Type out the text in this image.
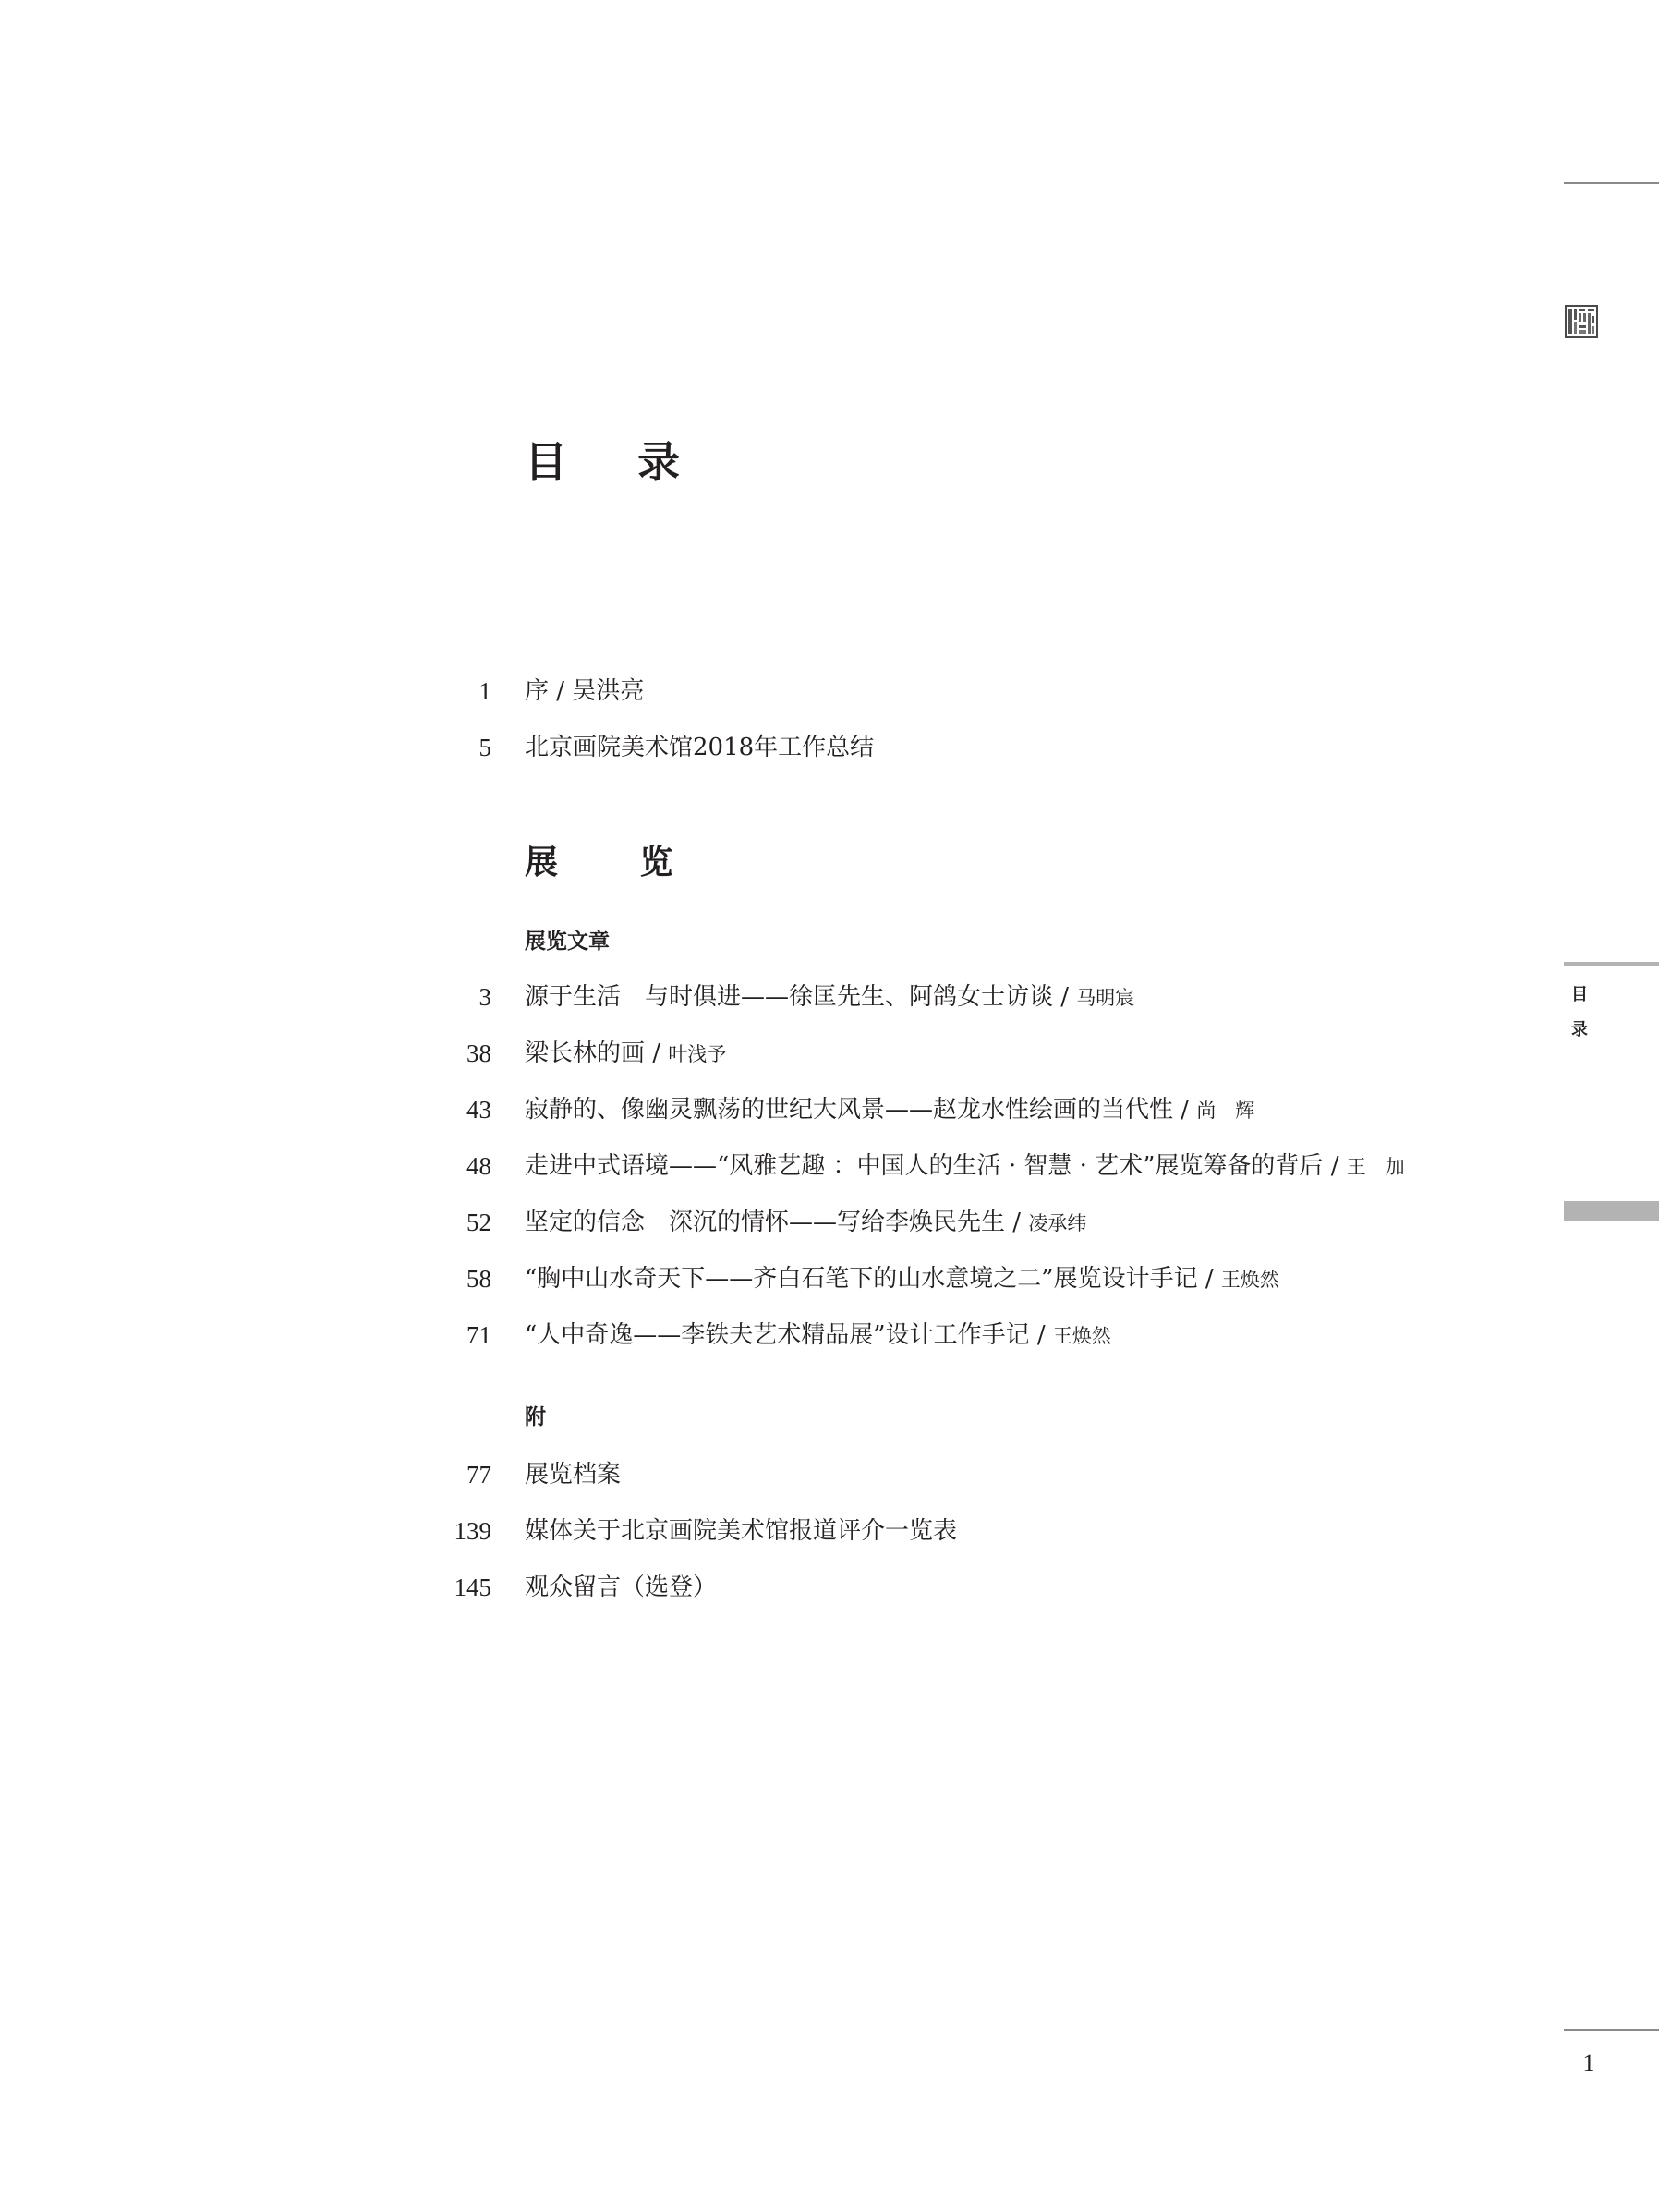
目
录
1
目 录
1 序 / 吴洪亮
5 北京画院美术馆2018年工作总结
展 览
展览文章
3 源于生活　与时俱进——徐匡先生、阿鸽女士访谈 / 马明宸
38 梁长林的画 / 叶浅予
43 寂静的、像幽灵飘荡的世纪大风景——赵龙水性绘画的当代性 / 尚　辉
48 走进中式语境——“风雅艺趣 ：中国人的生活 · 智慧 · 艺术”展览筹备的背后 / 王　加
52 坚定的信念　深沉的情怀——写给李焕民先生 / 凌承纬
58 “胸中山水奇天下——齐白石笔下的山水意境之二”展览设计手记 / 王焕然
71 “人中奇逸——李铁夫艺术精品展”设计工作手记 / 王焕然
附
77 展览档案
139 媒体关于北京画院美术馆报道评介一览表
145 观众留言（选登）
